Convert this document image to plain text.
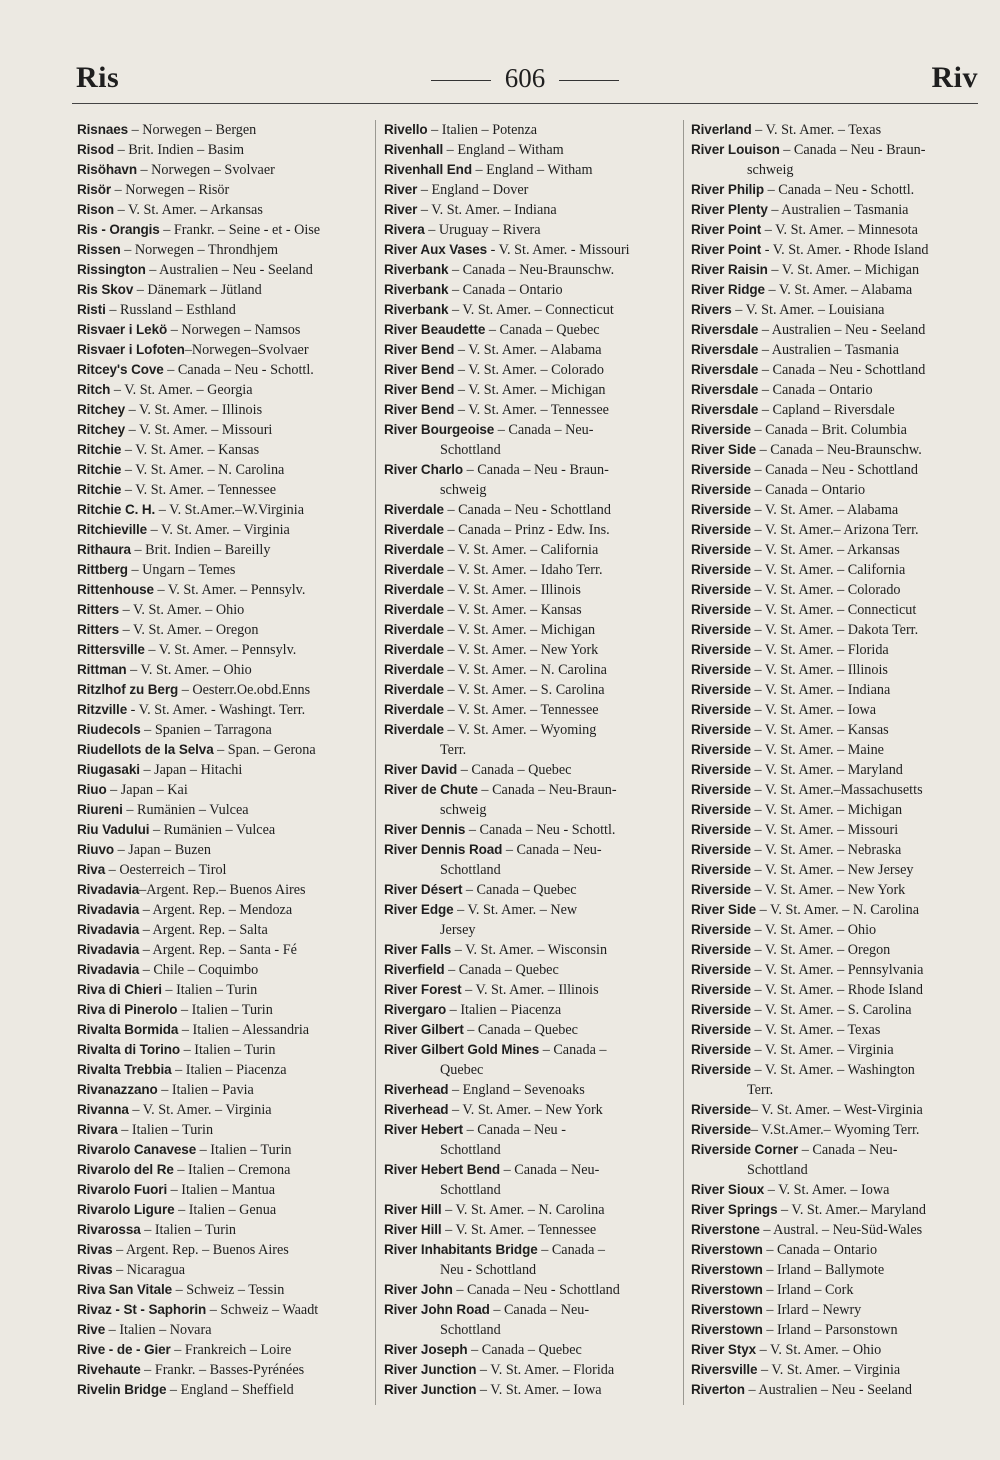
Ris	606	Riv
Risnaes – Norwegen – Bergen
Risod – Brit. Indien – Basim
Risöhavn – Norwegen – Svolvaer
Risör – Norwegen – Risör
Rison – V. St. Amer. – Arkansas
Ris - Orangis – Frankr. – Seine - et - Oise
Rissen – Norwegen – Throndhjem
Rissington – Australien – Neu - Seeland
Ris Skov – Dänemark – Jütland
Risti – Russland – Esthland
Risvaer i Lekö – Norwegen – Namsos
Risvaer i Lofoten–Norwegen–Svolvaer
Ritcey's Cove – Canada – Neu - Schottl.
Ritch – V. St. Amer. – Georgia
Ritchey – V. St. Amer. – Illinois
Ritchey – V. St. Amer. – Missouri
Ritchie – V. St. Amer. – Kansas
Ritchie – V. St. Amer. – N. Carolina
Ritchie – V. St. Amer. – Tennessee
Ritchie C. H. – V. St.Amer.–W.Virginia
Ritchieville – V. St. Amer. – Virginia
Rithaura – Brit. Indien – Bareilly
Rittberg – Ungarn – Temes
Rittenhouse – V. St. Amer. – Pennsylv.
Ritters – V. St. Amer. – Ohio
Ritters – V. St. Amer. – Oregon
Rittersville – V. St. Amer. – Pennsylv.
Rittman – V. St. Amer. – Ohio
Ritzlhof zu Berg – Oesterr.Oe.obd.Enns
Ritzville - V. St. Amer. - Washingt. Terr.
Riudecols – Spanien – Tarragona
Riudellots de la Selva – Span. – Gerona
Riugasaki – Japan – Hitachi
Riuo – Japan – Kai
Riureni – Rumänien – Vulcea
Riu Vadului – Rumänien – Vulcea
Riuvo – Japan – Buzen
Riva – Oesterreich – Tirol
Rivadavia–Argent. Rep.– Buenos Aires
Rivadavia – Argent. Rep. – Mendoza
Rivadavia – Argent. Rep. – Salta
Rivadavia – Argent. Rep. – Santa - Fé
Rivadavia – Chile – Coquimbo
Riva di Chieri – Italien – Turin
Riva di Pinerolo – Italien – Turin
Rivalta Bormida – Italien – Alessandria
Rivalta di Torino – Italien – Turin
Rivalta Trebbia – Italien – Piacenza
Rivanazzano – Italien – Pavia
Rivanna – V. St. Amer. – Virginia
Rivara – Italien – Turin
Rivarolo Canavese – Italien – Turin
Rivarolo del Re – Italien – Cremona
Rivarolo Fuori – Italien – Mantua
Rivarolo Ligure – Italien – Genua
Rivarossa – Italien – Turin
Rivas – Argent. Rep. – Buenos Aires
Rivas – Nicaragua
Riva San Vitale – Schweiz – Tessin
Rivaz - St - Saphorin – Schweiz – Waadt
Rive – Italien – Novara
Rive - de - Gier – Frankreich – Loire
Rivehaute – Frankr. – Basses-Pyrénées
Rivelin Bridge – England – Sheffield
Rivello – Italien – Potenza
Rivenhall – England – Witham
Rivenhall End – England – Witham
River – England – Dover
River – V. St. Amer. – Indiana
Rivera – Uruguay – Rivera
River Aux Vases - V. St. Amer. - Missouri
Riverbank – Canada – Neu-Braunschw.
Riverbank – Canada – Ontario
Riverbank – V. St. Amer. – Connecticut
River Beaudette – Canada – Quebec
River Bend – V. St. Amer. – Alabama
River Bend – V. St. Amer. – Colorado
River Bend – V. St. Amer. – Michigan
River Bend – V. St. Amer. – Tennessee
River Bourgeoise – Canada – Neu-
Schottland
River Charlo – Canada – Neu - Braun-
schweig
Riverdale – Canada – Neu - Schottland
Riverdale – Canada – Prinz - Edw. Ins.
Riverdale – V. St. Amer. – California
Riverdale – V. St. Amer. – Idaho Terr.
Riverdale – V. St. Amer. – Illinois
Riverdale – V. St. Amer. – Kansas
Riverdale – V. St. Amer. – Michigan
Riverdale – V. St. Amer. – New York
Riverdale – V. St. Amer. – N. Carolina
Riverdale – V. St. Amer. – S. Carolina
Riverdale – V. St. Amer. – Tennessee
Riverdale – V. St. Amer. – Wyoming
Terr.
River David – Canada – Quebec
River de Chute – Canada – Neu-Braun-
schweig
River Dennis – Canada – Neu - Schottl.
River Dennis Road – Canada – Neu-
Schottland
River Désert – Canada – Quebec
River Edge – V. St. Amer. – New
Jersey
River Falls – V. St. Amer. – Wisconsin
Riverfield – Canada – Quebec
River Forest – V. St. Amer. – Illinois
Rivergaro – Italien – Piacenza
River Gilbert – Canada – Quebec
River Gilbert Gold Mines – Canada –
Quebec
Riverhead – England – Sevenoaks
Riverhead – V. St. Amer. – New York
River Hebert – Canada – Neu -
Schottland
River Hebert Bend – Canada – Neu-
Schottland
River Hill – V. St. Amer. – N. Carolina
River Hill – V. St. Amer. – Tennessee
River Inhabitants Bridge – Canada –
Neu - Schottland
River John – Canada – Neu - Schottland
River John Road – Canada – Neu-
Schottland
River Joseph – Canada – Quebec
River Junction – V. St. Amer. – Florida
River Junction – V. St. Amer. – Iowa
Riverland – V. St. Amer. – Texas
River Louison – Canada – Neu - Braun-
schweig
River Philip – Canada – Neu - Schottl.
River Plenty – Australien – Tasmania
River Point – V. St. Amer. – Minnesota
River Point - V. St. Amer. - Rhode Island
River Raisin – V. St. Amer. – Michigan
River Ridge – V. St. Amer. – Alabama
Rivers – V. St. Amer. – Louisiana
Riversdale – Australien – Neu - Seeland
Riversdale – Australien – Tasmania
Riversdale – Canada – Neu - Schottland
Riversdale – Canada – Ontario
Riversdale – Capland – Riversdale
Riverside – Canada – Brit. Columbia
River Side – Canada – Neu-Braunschw.
Riverside – Canada – Neu - Schottland
Riverside – Canada – Ontario
Riverside – V. St. Amer. – Alabama
Riverside – V. St. Amer.– Arizona Terr.
Riverside – V. St. Amer. – Arkansas
Riverside – V. St. Amer. – California
Riverside – V. St. Amer. – Colorado
Riverside – V. St. Amer. – Connecticut
Riverside – V. St. Amer. – Dakota Terr.
Riverside – V. St. Amer. – Florida
Riverside – V. St. Amer. – Illinois
Riverside – V. St. Amer. – Indiana
Riverside – V. St. Amer. – Iowa
Riverside – V. St. Amer. – Kansas
Riverside – V. St. Amer. – Maine
Riverside – V. St. Amer. – Maryland
Riverside – V. St. Amer.–Massachusetts
Riverside – V. St. Amer. – Michigan
Riverside – V. St. Amer. – Missouri
Riverside – V. St. Amer. – Nebraska
Riverside – V. St. Amer. – New Jersey
Riverside – V. St. Amer. – New York
River Side – V. St. Amer. – N. Carolina
Riverside – V. St. Amer. – Ohio
Riverside – V. St. Amer. – Oregon
Riverside – V. St. Amer. – Pennsylvania
Riverside – V. St. Amer. – Rhode Island
Riverside – V. St. Amer. – S. Carolina
Riverside – V. St. Amer. – Texas
Riverside – V. St. Amer. – Virginia
Riverside – V. St. Amer. – Washington
Terr.
Riverside– V. St. Amer. – West-Virginia
Riverside– V.St.Amer.– Wyoming Terr.
Riverside Corner – Canada – Neu-
Schottland
River Sioux – V. St. Amer. – Iowa
River Springs – V. St. Amer.– Maryland
Riverstone – Austral. – Neu-Süd-Wales
Riverstown – Canada – Ontario
Riverstown – Irland – Ballymote
Riverstown – Irland – Cork
Riverstown – Irlard – Newry
Riverstown – Irland – Parsonstown
River Styx – V. St. Amer. – Ohio
Riversville – V. St. Amer. – Virginia
Riverton – Australien – Neu - Seeland
